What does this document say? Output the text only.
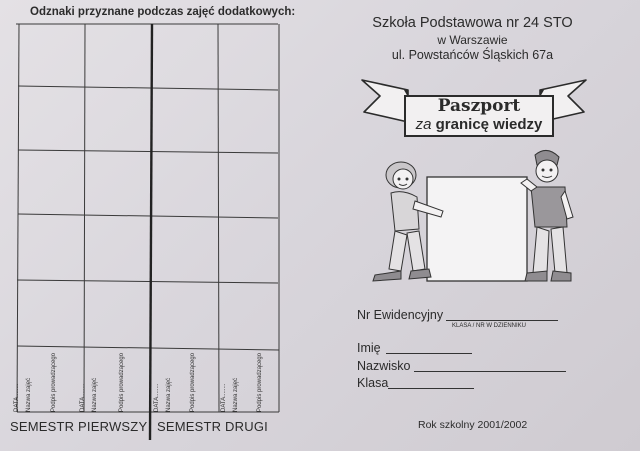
Odznaki przyznane podczas zajęć dodatkowych:
DATA........ Nazwa zajęć	Podpis prowadzącego	DATA........ Nazwa zajęć	Podpis prowadzącego	DATA........ Nazwa zajęć	Podpis prowadzącego	DATA........ Nazwa zajęć	Podpis prowadzącego
SEMESTR PIERWSZY SEMESTR DRUGI
Szkoła Podstawowa nr 24 STO
w Warszawie
ul. Powstańców Śląskich 67a
Paszport
za granicę wiedzy
Nr Ewidencyjny
KLASA / NR W DZIENNIKU
Imię
Nazwisko
Klasa
Rok szkolny 2001/2002
